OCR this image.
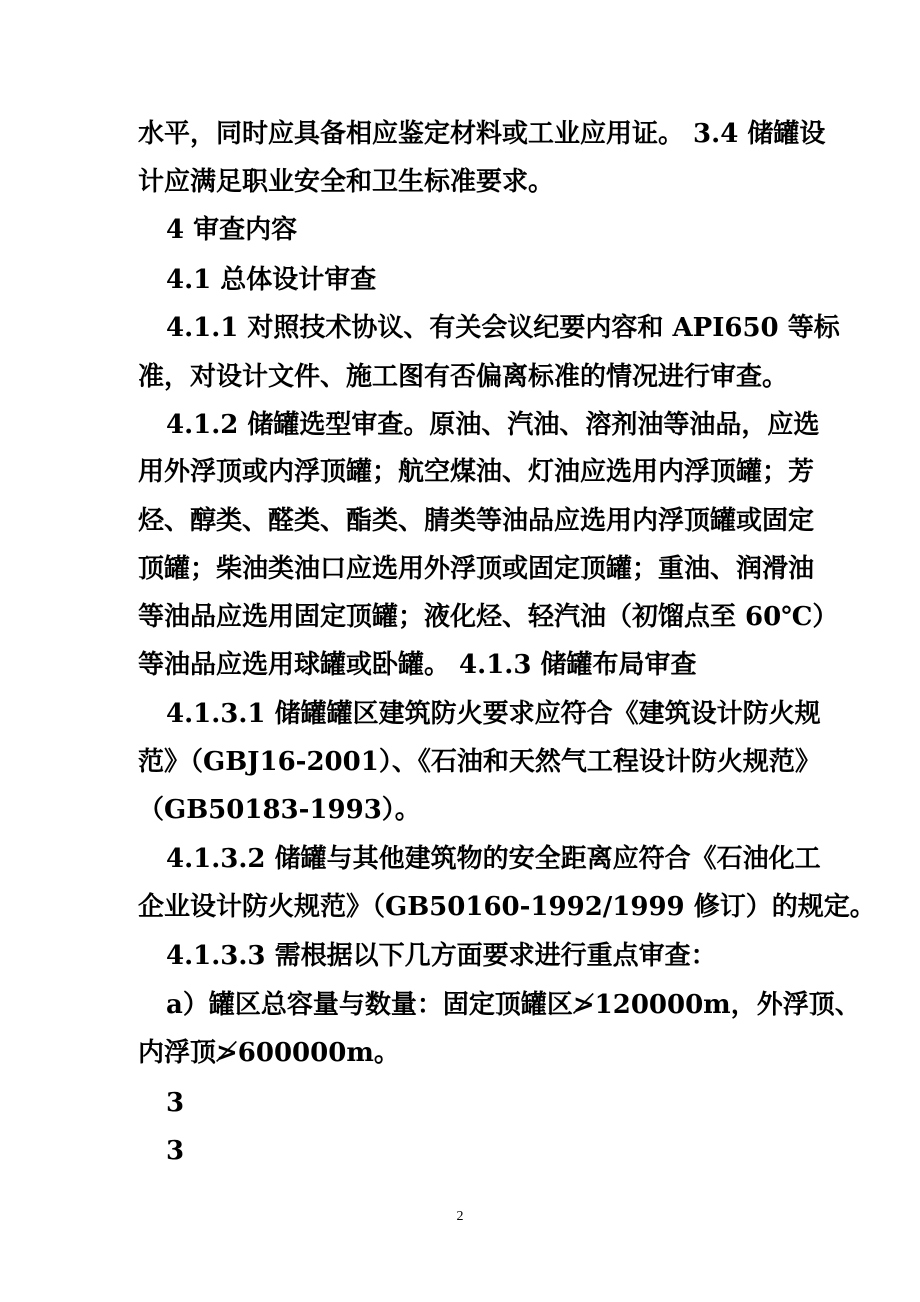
水平，同时应具备相应鉴定材料或工业应用证。 3.4 储罐设
计应满足职业安全和卫生标准要求。
4 审查内容
4.1 总体设计审查
4.1.1 对照技术协议、有关会议纪要内容和 API650 等标
准，对设计文件、施工图有否偏离标准的情况进行审查。
4.1.2 储罐选型审查。原油、汽油、溶剂油等油品，应选
用外浮顶或内浮顶罐；航空煤油、灯油应选用内浮顶罐；芳
烃、醇类、醛类、酯类、腈类等油品应选用内浮顶罐或固定
顶罐；柴油类油口应选用外浮顶或固定顶罐；重油、润滑油
等油品应选用固定顶罐；液化烃、轻汽油（初馏点至 60℃）
等油品应选用球罐或卧罐。 4.1.3 储罐布局审查
4.1.3.1 储罐罐区建筑防火要求应符合《建筑设计防火规
范》（GBJ16-2001）、《石油和天然气工程设计防火规范》
（GB50183-1993）。
4.1.3.2 储罐与其他建筑物的安全距离应符合《石油化工
企业设计防火规范》（GB50160-1992/1999 修订）的规定。
4.1.3.3 需根据以下几方面要求进行重点审查：
a）罐区总容量与数量：固定顶罐区≯120000m，外浮顶、
内浮顶≯600000m。
3
3
2
